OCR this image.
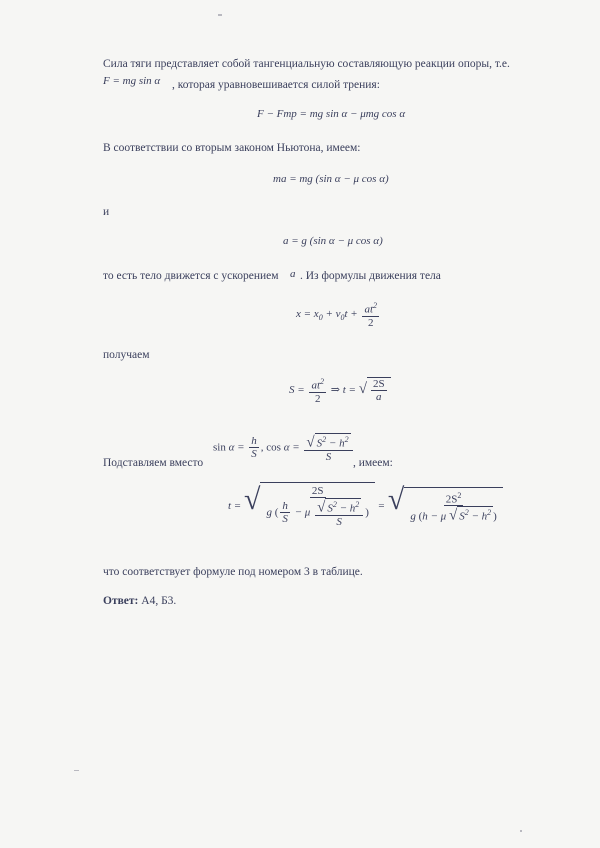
Сила тяги представляет собой тангенциальную составляющую реакции опоры, т.е.
F = mg sin α , которая уравновешивается силой трения:
F − Fтр = mg sin α − μmg cos α
В соответствии со вторым законом Ньютона, имеем:
ma = mg (sin α − μ cos α)
и
a = g (sin α − μ cos α)
то есть тело движется с ускорением a . Из формулы движения тела
$x = x_0 + v_0t + \frac{at^2}{2}$
получаем
$S = \frac{at^2}{2}$ ⇒ t = √ $\frac{2S}{a}$
Подставляем вместо
$\sin \alpha = \frac{h}{S}$ , $\cos \alpha = \frac{√ S^2 - h^2}{S}$
, имеем:
t = √ $\frac{2S}{g ( \frac{h}{S} - \mu \frac{√ S^2 - h^2}{S} )}$ = √ $\frac{2S^2}{g (h - \mu √ S^2 - h^2 )}$
что соответствует формуле под номером 3 в таблице.
Ответ: А4, Б3.
